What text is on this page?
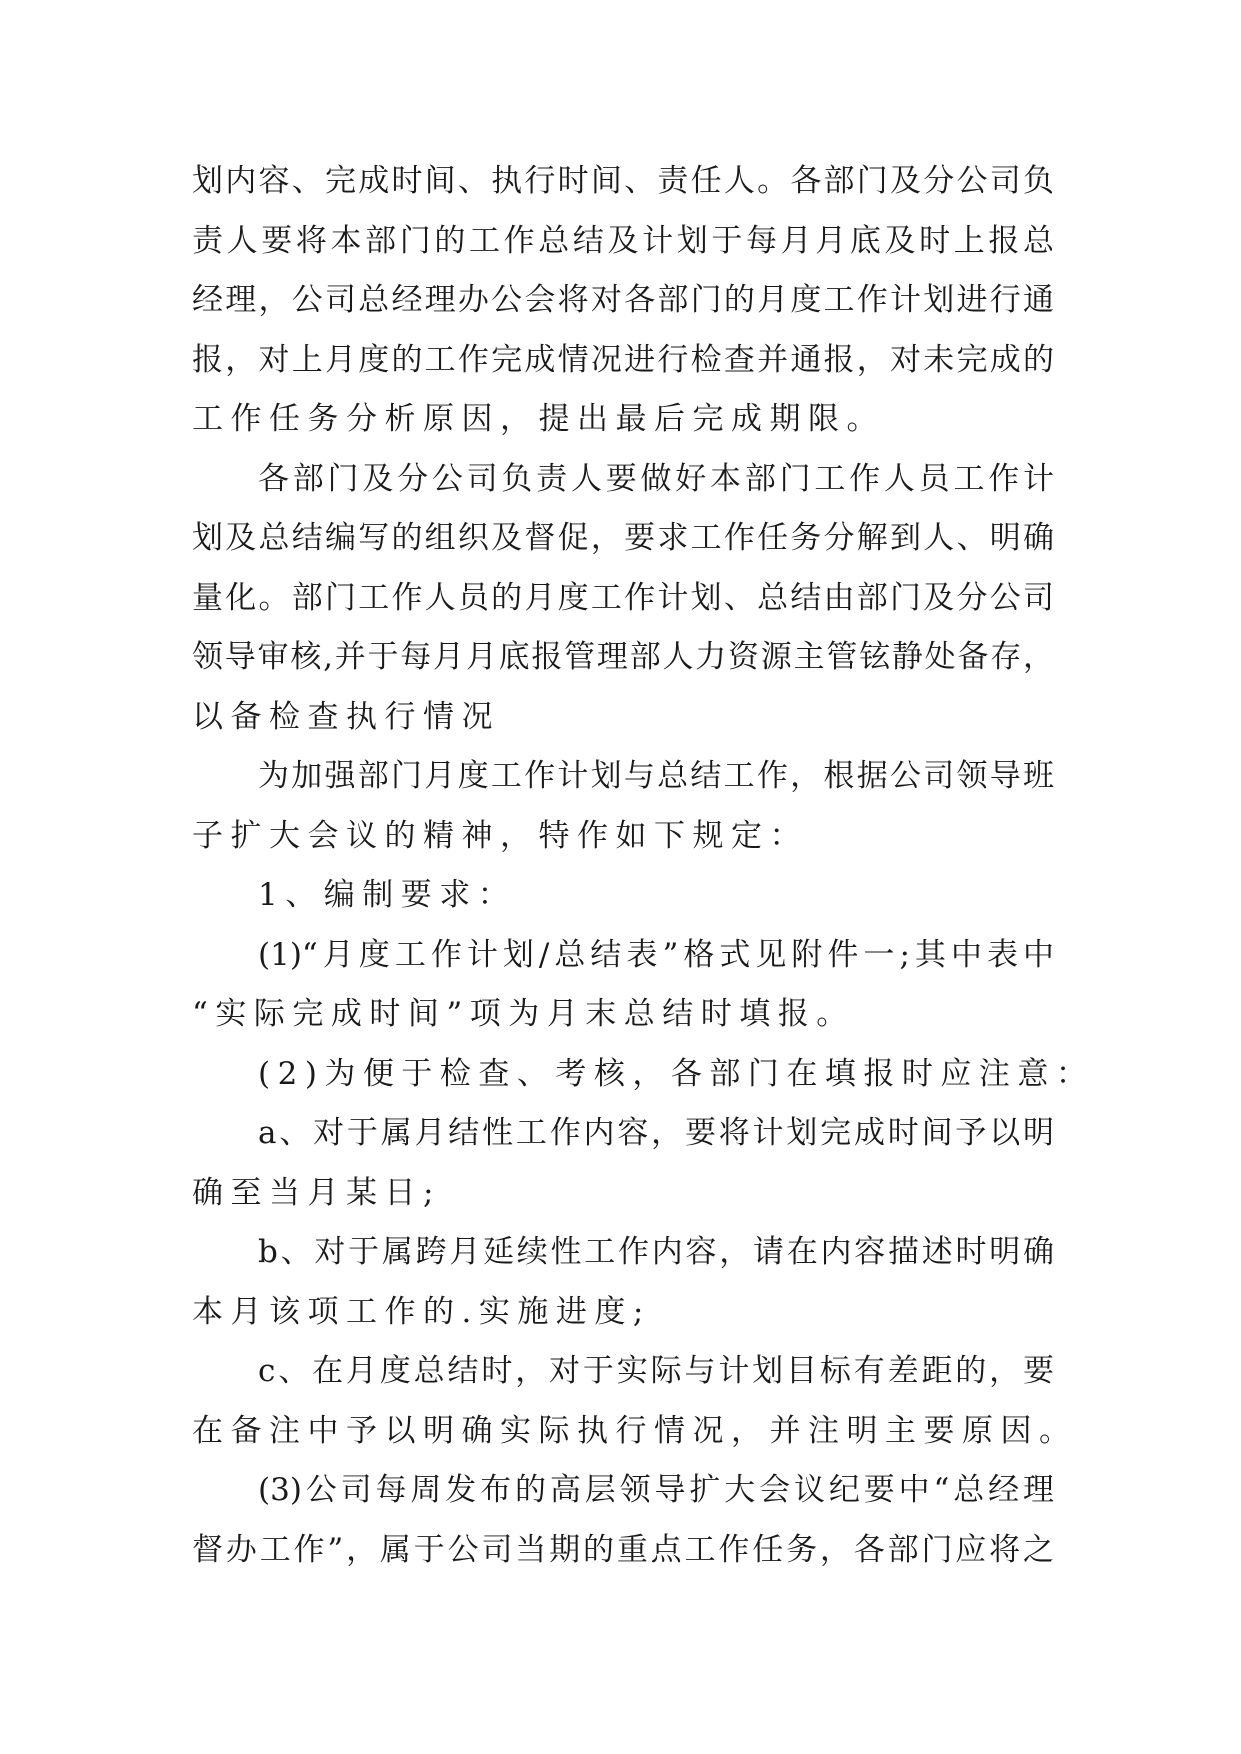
划内容、完成时间、执行时间、责任人。各部门及分公司负
责人要将本部门的工作总结及计划于每月月底及时上报总
经理，公司总经理办公会将对各部门的月度工作计划进行通
报，对上月度的工作完成情况进行检查并通报，对未完成的
工作任务分析原因，提出最后完成期限。
各部门及分公司负责人要做好本部门工作人员工作计
划及总结编写的组织及督促，要求工作任务分解到人、明确
量化。部门工作人员的月度工作计划、总结由部门及分公司
领导审核,并于每月月底报管理部人力资源主管铉静处备存，
以备检查执行情况
为加强部门月度工作计划与总结工作，根据公司领导班
子扩大会议的精神，特作如下规定：
1、编制要求：
(1)“月度工作计划/总结表”格式见附件一;其中表中
“实际完成时间”项为月末总结时填报。
(2)为便于检查、考核，各部门在填报时应注意：
a、对于属月结性工作内容，要将计划完成时间予以明
确至当月某日;
b、对于属跨月延续性工作内容，请在内容描述时明确
本月该项工作的.实施进度;
c、在月度总结时，对于实际与计划目标有差距的，要
在备注中予以明确实际执行情况，并注明主要原因。
(3)公司每周发布的高层领导扩大会议纪要中“总经理
督办工作”，属于公司当期的重点工作任务，各部门应将之
